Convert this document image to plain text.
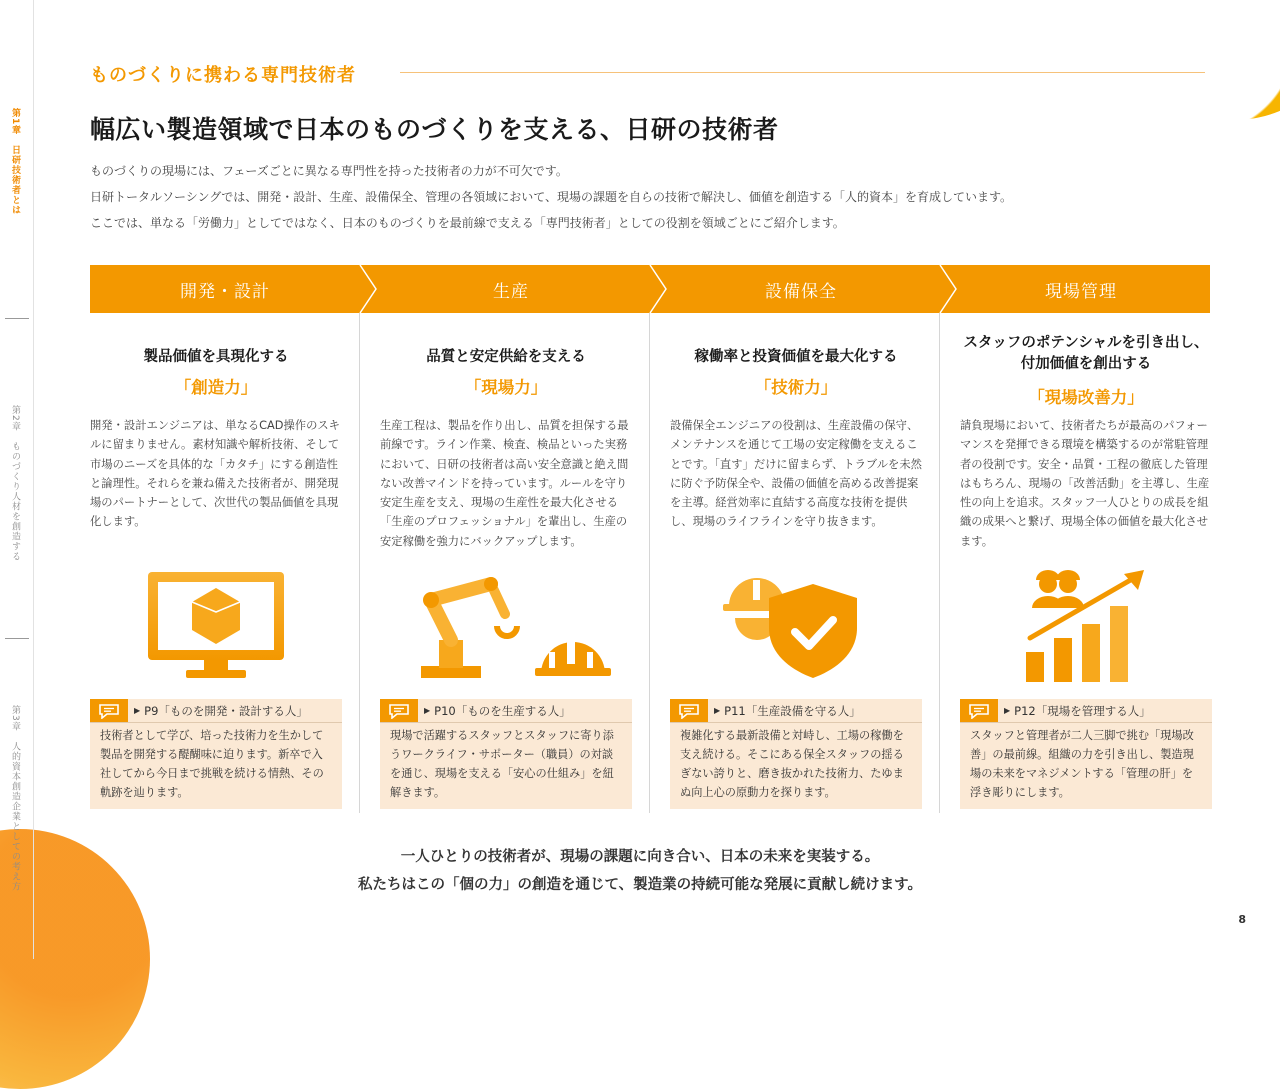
第1章　日研技術者とは
第2章　ものづくり人材を創造する
第3章　人的資本創造企業としての考え方
ものづくりに携わる専門技術者
幅広い製造領域で日本のものづくりを支える、日研の技術者

ものづくりの現場には、フェーズごとに異なる専門性を持った技術者の力が不可欠です。

日研トータルソーシングでは、開発・設計、生産、設備保全、管理の各領域において、現場の課題を自らの技術で解決し、価値を創造する「人的資本」を育成しています。

ここでは、単なる「労働力」としてではなく、日本のものづくりを最前線で支える「専門技術者」としての役割を領域ごとにご紹介します。

開発・設計	生産	設備保全	現場管理
製品価値を具現化する
「創造力」
開発・設計エンジニアは、単なるCAD操作のスキルに留まりません。素材知識や解析技術、そして市場のニーズを具体的な「カタチ」にする創造性と論理性。それらを兼ね備えた技術者が、開発現場のパートナーとして、次世代の製品価値を具現化します。
品質と安定供給を支える
「現場力」
生産工程は、製品を作り出し、品質を担保する最前線です。ライン作業、検査、検品といった実務において、日研の技術者は高い安全意識と絶え間ない改善マインドを持っています。ルールを守り安定生産を支え、現場の生産性を最大化させる「生産のプロフェッショナル」を輩出し、生産の安定稼働を強力にバックアップします。
稼働率と投資価値を最大化する
「技術力」
設備保全エンジニアの役割は、生産設備の保守、メンテナンスを通じて工場の安定稼働を支えることです。「直す」だけに留まらず、トラブルを未然に防ぐ予防保全や、設備の価値を高める改善提案を主導。経営効率に直結する高度な技術を提供し、現場のライフラインを守り抜きます。
スタッフのポテンシャルを引き出し、付加価値を創出する
「現場改善力」
請負現場において、技術者たちが最高のパフォーマンスを発揮できる環境を構築するのが常駐管理者の役割です。安全・品質・工程の徹底した管理はもちろん、現場の「改善活動」を主導し、生産性の向上を追求。スタッフ一人ひとりの成長を組織の成果へと繋げ、現場全体の価値を最大化させます。
▶ P9「ものを開発・設計する人」
技術者として学び、培った技術力を生かして製品を開発する醍醐味に迫ります。新卒で入社してから今日まで挑戦を続ける情熱、その軌跡を辿ります。
▶ P10「ものを生産する人」
現場で活躍するスタッフとスタッフに寄り添うワークライフ・サポーター（職員）の対談を通じ、現場を支える「安心の仕組み」を紐解きます。
▶ P11「生産設備を守る人」
複雑化する最新設備と対峙し、工場の稼働を支え続ける。そこにある保全スタッフの揺るぎない誇りと、磨き抜かれた技術力、たゆまぬ向上心の原動力を探ります。
▶ P12「現場を管理する人」
スタッフと管理者が二人三脚で挑む「現場改善」の最前線。組織の力を引き出し、製造現場の未来をマネジメントする「管理の肝」を浮き彫りにします。

一人ひとりの技術者が、現場の課題に向き合い、日本の未来を実装する。

私たちはこの「個の力」の創造を通じて、製造業の持続可能な発展に貢献し続けます。

8
